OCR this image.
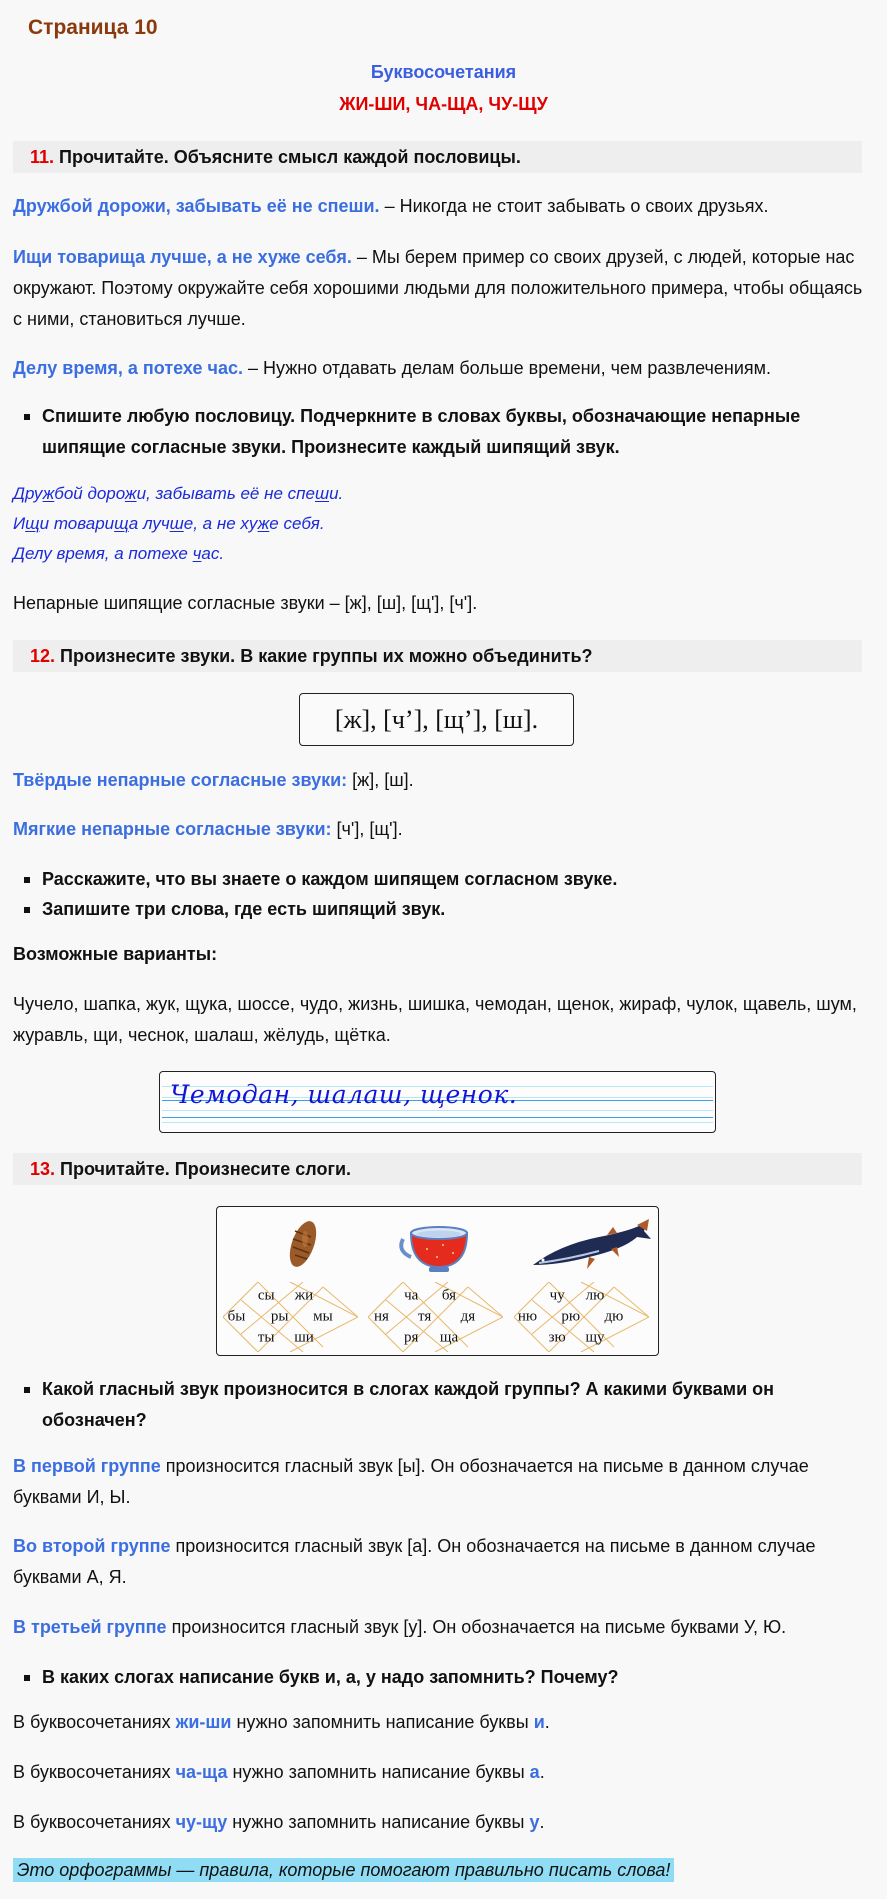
Страница 10
Буквосочетания
ЖИ-ШИ, ЧА-ЩА, ЧУ-ЩУ
11. Прочитайте. Объясните смысл каждой пословицы.
Дружбой дорожи, забывать её не спеши. – Никогда не стоит забывать о своих друзьях.
Ищи товарища лучше, а не хуже себя. – Мы берем пример со своих друзей, с людей, которые нас окружают. Поэтому окружайте себя хорошими людьми для положительного примера, чтобы общаясь с ними, становиться лучше.
Делу время, а потехе час. – Нужно отдавать делам больше времени, чем развлечениям.
Спишите любую пословицу. Подчеркните в словах буквы, обозначающие непарные шипящие согласные звуки. Произнесите каждый шипящий звук.
Дружбой дорожи, забывать её не спеши.
Ищи товарища лучше, а не хуже себя.
Делу время, а потехе час.
Непарные шипящие согласные звуки – [ж], [ш], [щ'], [ч'].
12. Произнесите звуки. В какие группы их можно объединить?
[ж], [ч’], [щ’], [ш].
Твёрдые непарные согласные звуки: [ж], [ш].
Мягкие непарные согласные звуки: [ч'], [щ'].
Расскажите, что вы знаете о каждом шипящем согласном звуке.
Запишите три слова, где есть шипящий звук.
Возможные варианты:
Чучело, шапка, жук, щука, шоссе, чудо, жизнь, шишка, чемодан, щенок, жираф, чулок, щавель, шум, журавль, щи, чеснок, шалаш, жёлудь, щётка.
Чемодан, шалаш, щенок.
13. Прочитайте. Произнесите слоги.
сы жи
бы ры мы
ты ши
ча бя
ня тя дя
ря ща
чу лю
ню рю дю
зю щу
Какой гласный звук произносится в слогах каждой группы? А какими буквами он обозначен?
В первой группе произносится гласный звук [ы]. Он обозначается на письме в данном случае буквами И, Ы.
Во второй группе произносится гласный звук [а]. Он обозначается на письме в данном случае буквами А, Я.
В третьей группе произносится гласный звук [у]. Он обозначается на письме буквами У, Ю.
В каких слогах написание букв и, а, у надо запомнить? Почему?
В буквосочетаниях жи-ши нужно запомнить написание буквы и.
В буквосочетаниях ча-ща нужно запомнить написание буквы а.
В буквосочетаниях чу-щу нужно запомнить написание буквы у.
Это орфограммы — правила, которые помогают правильно писать слова!
